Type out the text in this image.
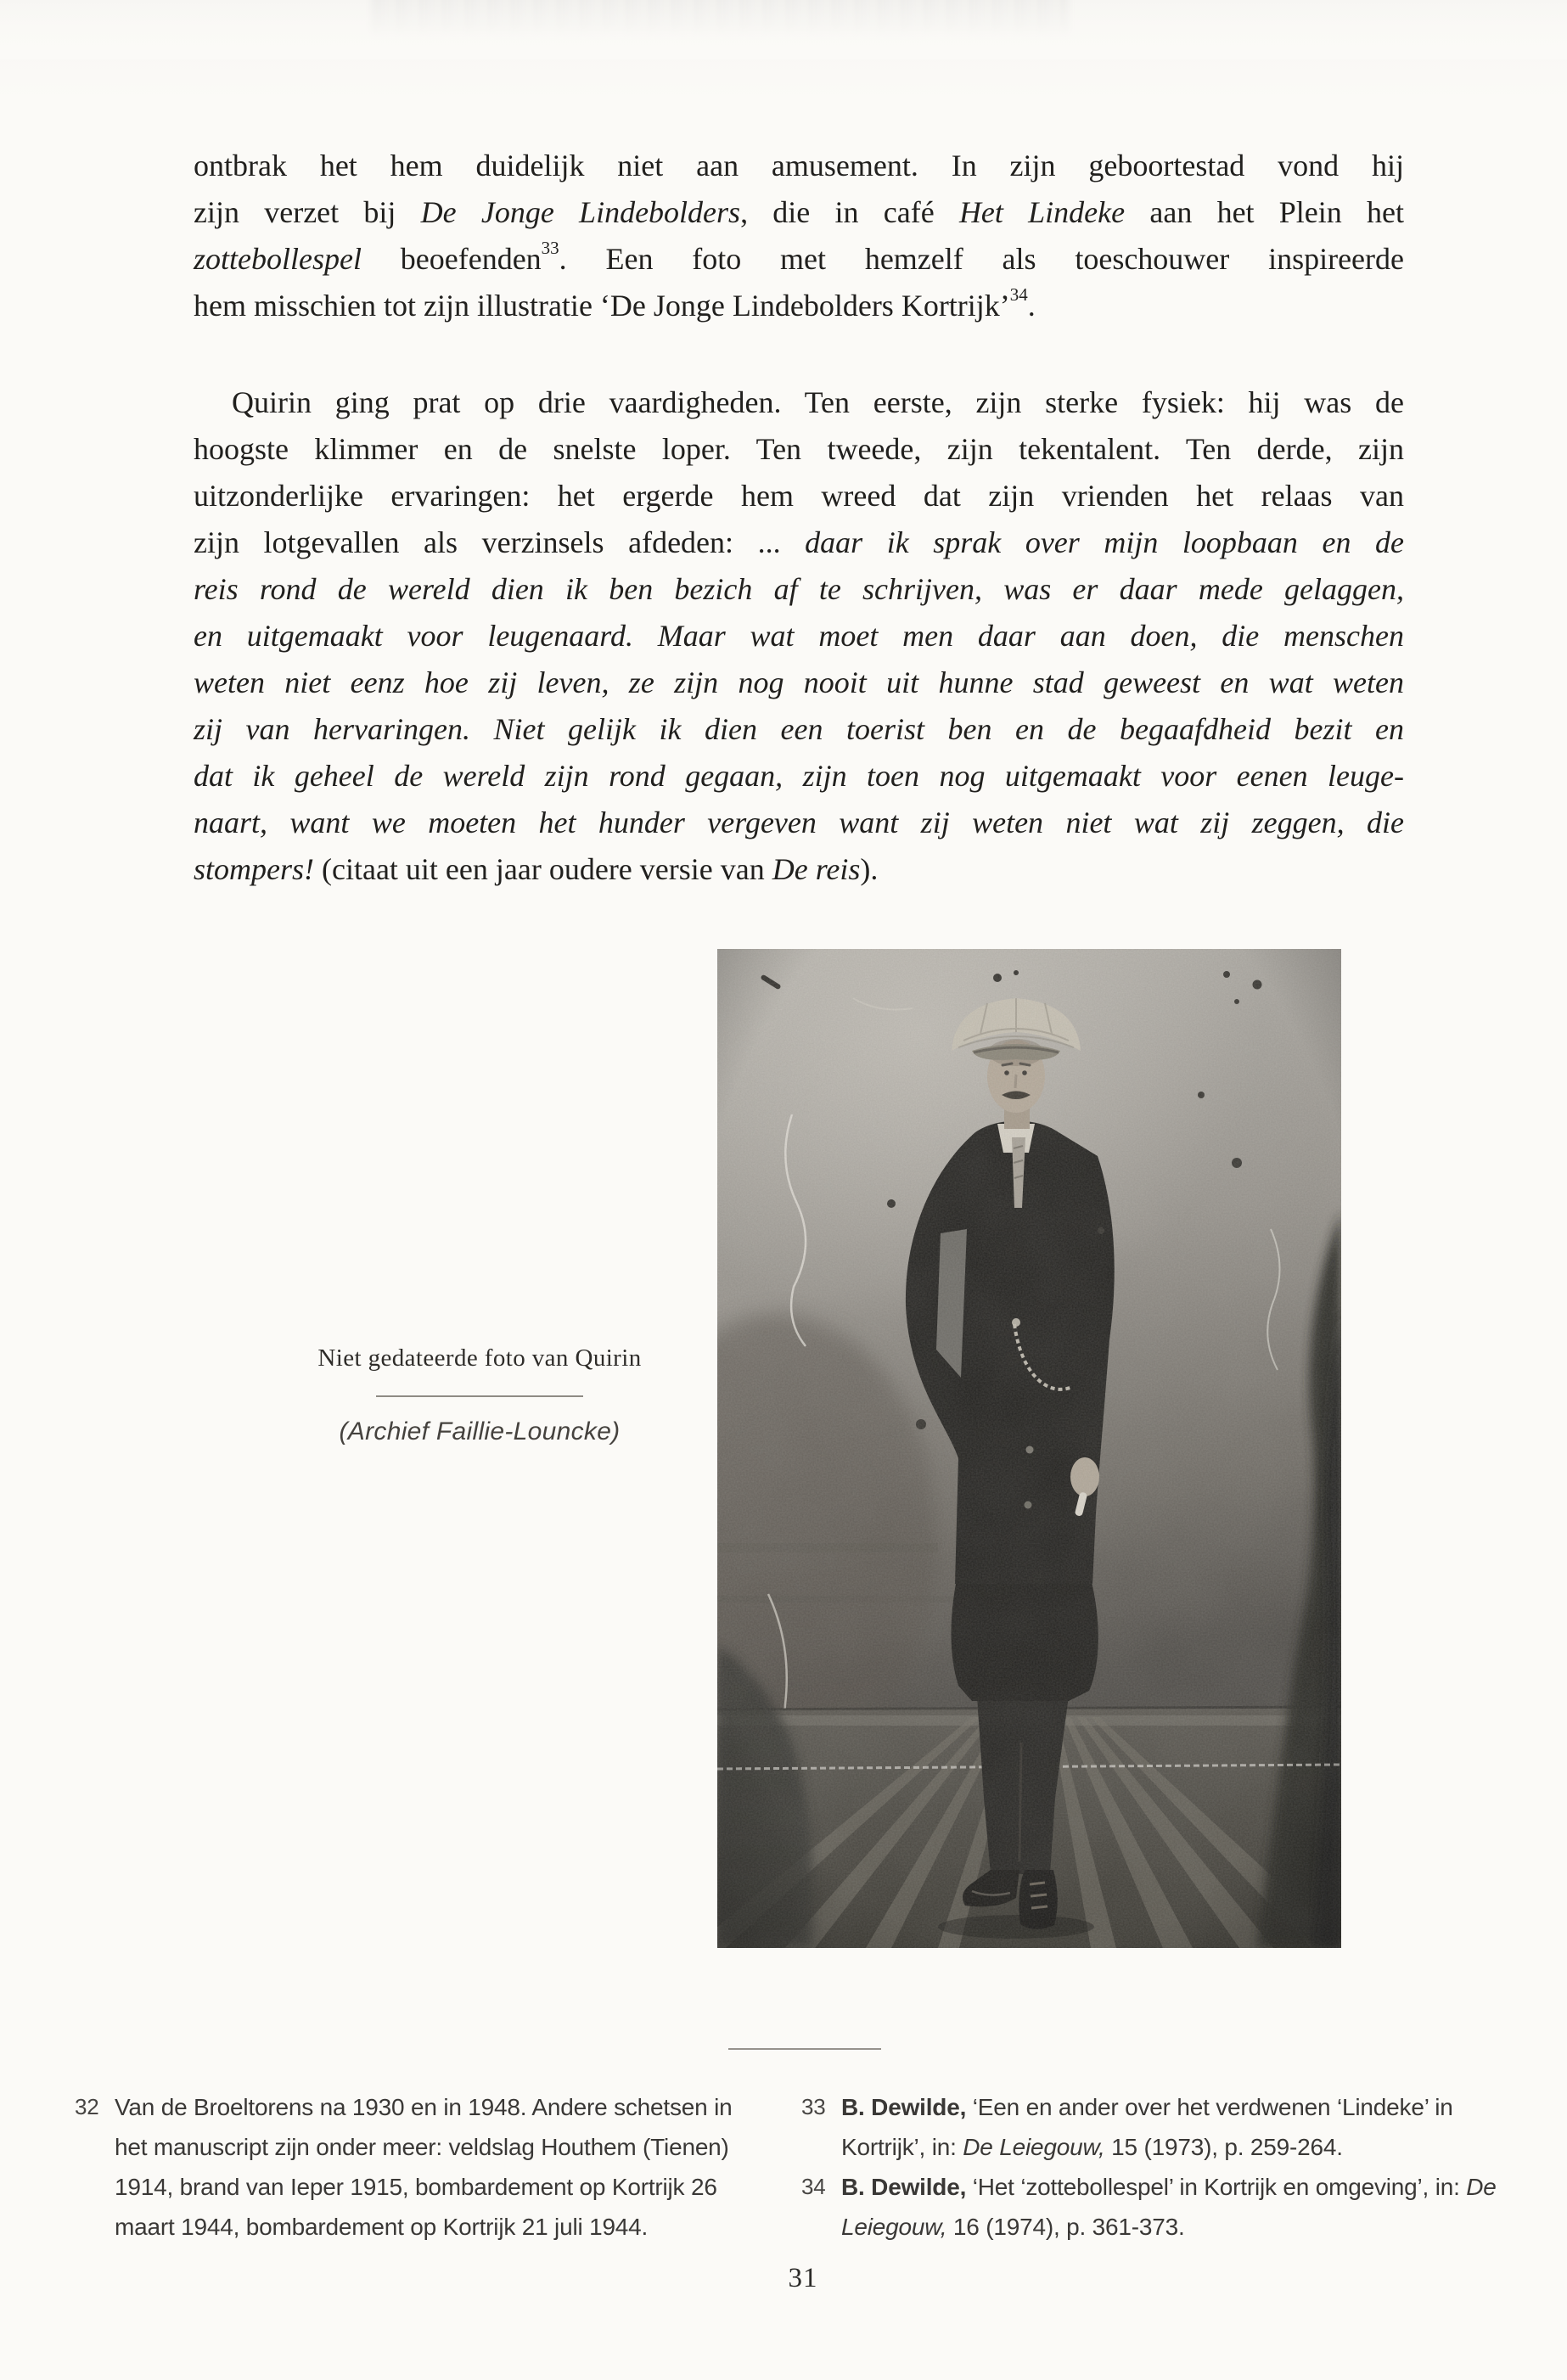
ontbrak het hem duidelijk niet aan amusement. In zijn geboortestad vond hij
zijn verzet bij De Jonge Lindebolders, die in café Het Lindeke aan het Plein het
zottebollespel beoefenden$^{33}$. Een foto met hemzelf als toeschouwer inspireerde
hem misschien tot zijn illustratie ‘De Jonge Lindebolders Kortrijk’$^{34}$.
Quirin ging prat op drie vaardigheden. Ten eerste, zijn sterke fysiek: hij was de
hoogste klimmer en de snelste loper. Ten tweede, zijn tekentalent. Ten derde, zijn
uitzonderlijke ervaringen: het ergerde hem wreed dat zijn vrienden het relaas van
zijn lotgevallen als verzinsels afdeden: ... daar ik sprak over mijn loopbaan en de
reis rond de wereld dien ik ben bezich af te schrijven, was er daar mede gelaggen,
en uitgemaakt voor leugenaard. Maar wat moet men daar aan doen, die menschen
weten niet eenz hoe zij leven, ze zijn nog nooit uit hunne stad geweest en wat weten
zij van hervaringen. Niet gelijk ik dien een toerist ben en de begaafdheid bezit en
dat ik geheel de wereld zijn rond gegaan, zijn toen nog uitgemaakt voor eenen leuge-
naart, want we moeten het hunder vergeven want zij weten niet wat zij zeggen, die
stompers! (citaat uit een jaar oudere versie van De reis).
Niet gedateerde foto van Quirin
(Archief Faillie-Louncke)
32 Van de Broeltorens na 1930 en in 1948. Andere schetsen in het manuscript zijn onder meer: veldslag Houthem (Tienen) 1914, brand van Ieper 1915, bombardement op Kortrijk 26 maart 1944, bombardement op Kortrijk 21 juli 1944.
33 B. Dewilde, ‘Een en ander over het verdwenen ‘Lindeke’ in Kortrijk’, in: De Leiegouw, 15 (1973), p. 259-264.
34 B. Dewilde, ‘Het ‘zottebollespel’ in Kortrijk en omgeving’, in: De Leiegouw, 16 (1974), p. 361-373.
31
